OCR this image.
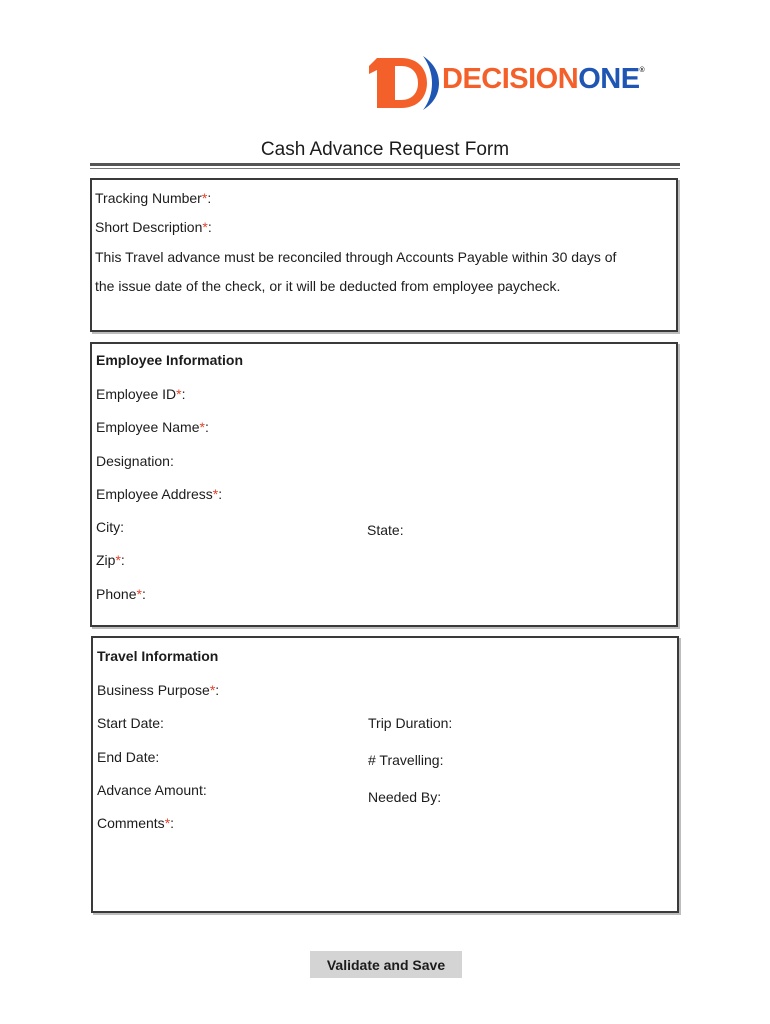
DECISIONONE®
Cash Advance Request Form
Tracking Number*:
Short Description*:
This Travel advance must be reconciled through Accounts Payable within 30 days of
the issue date of the check, or it will be deducted from employee paycheck.
Employee Information
Employee ID*:
Employee Name*:
Designation:
Employee Address*:
City:	State:
Zip*:
Phone*:
Travel Information
Business Purpose*:
Start Date:	Trip Duration:
End Date:	# Travelling:
Advance Amount:	Needed By:
Comments*:
Validate and Save
